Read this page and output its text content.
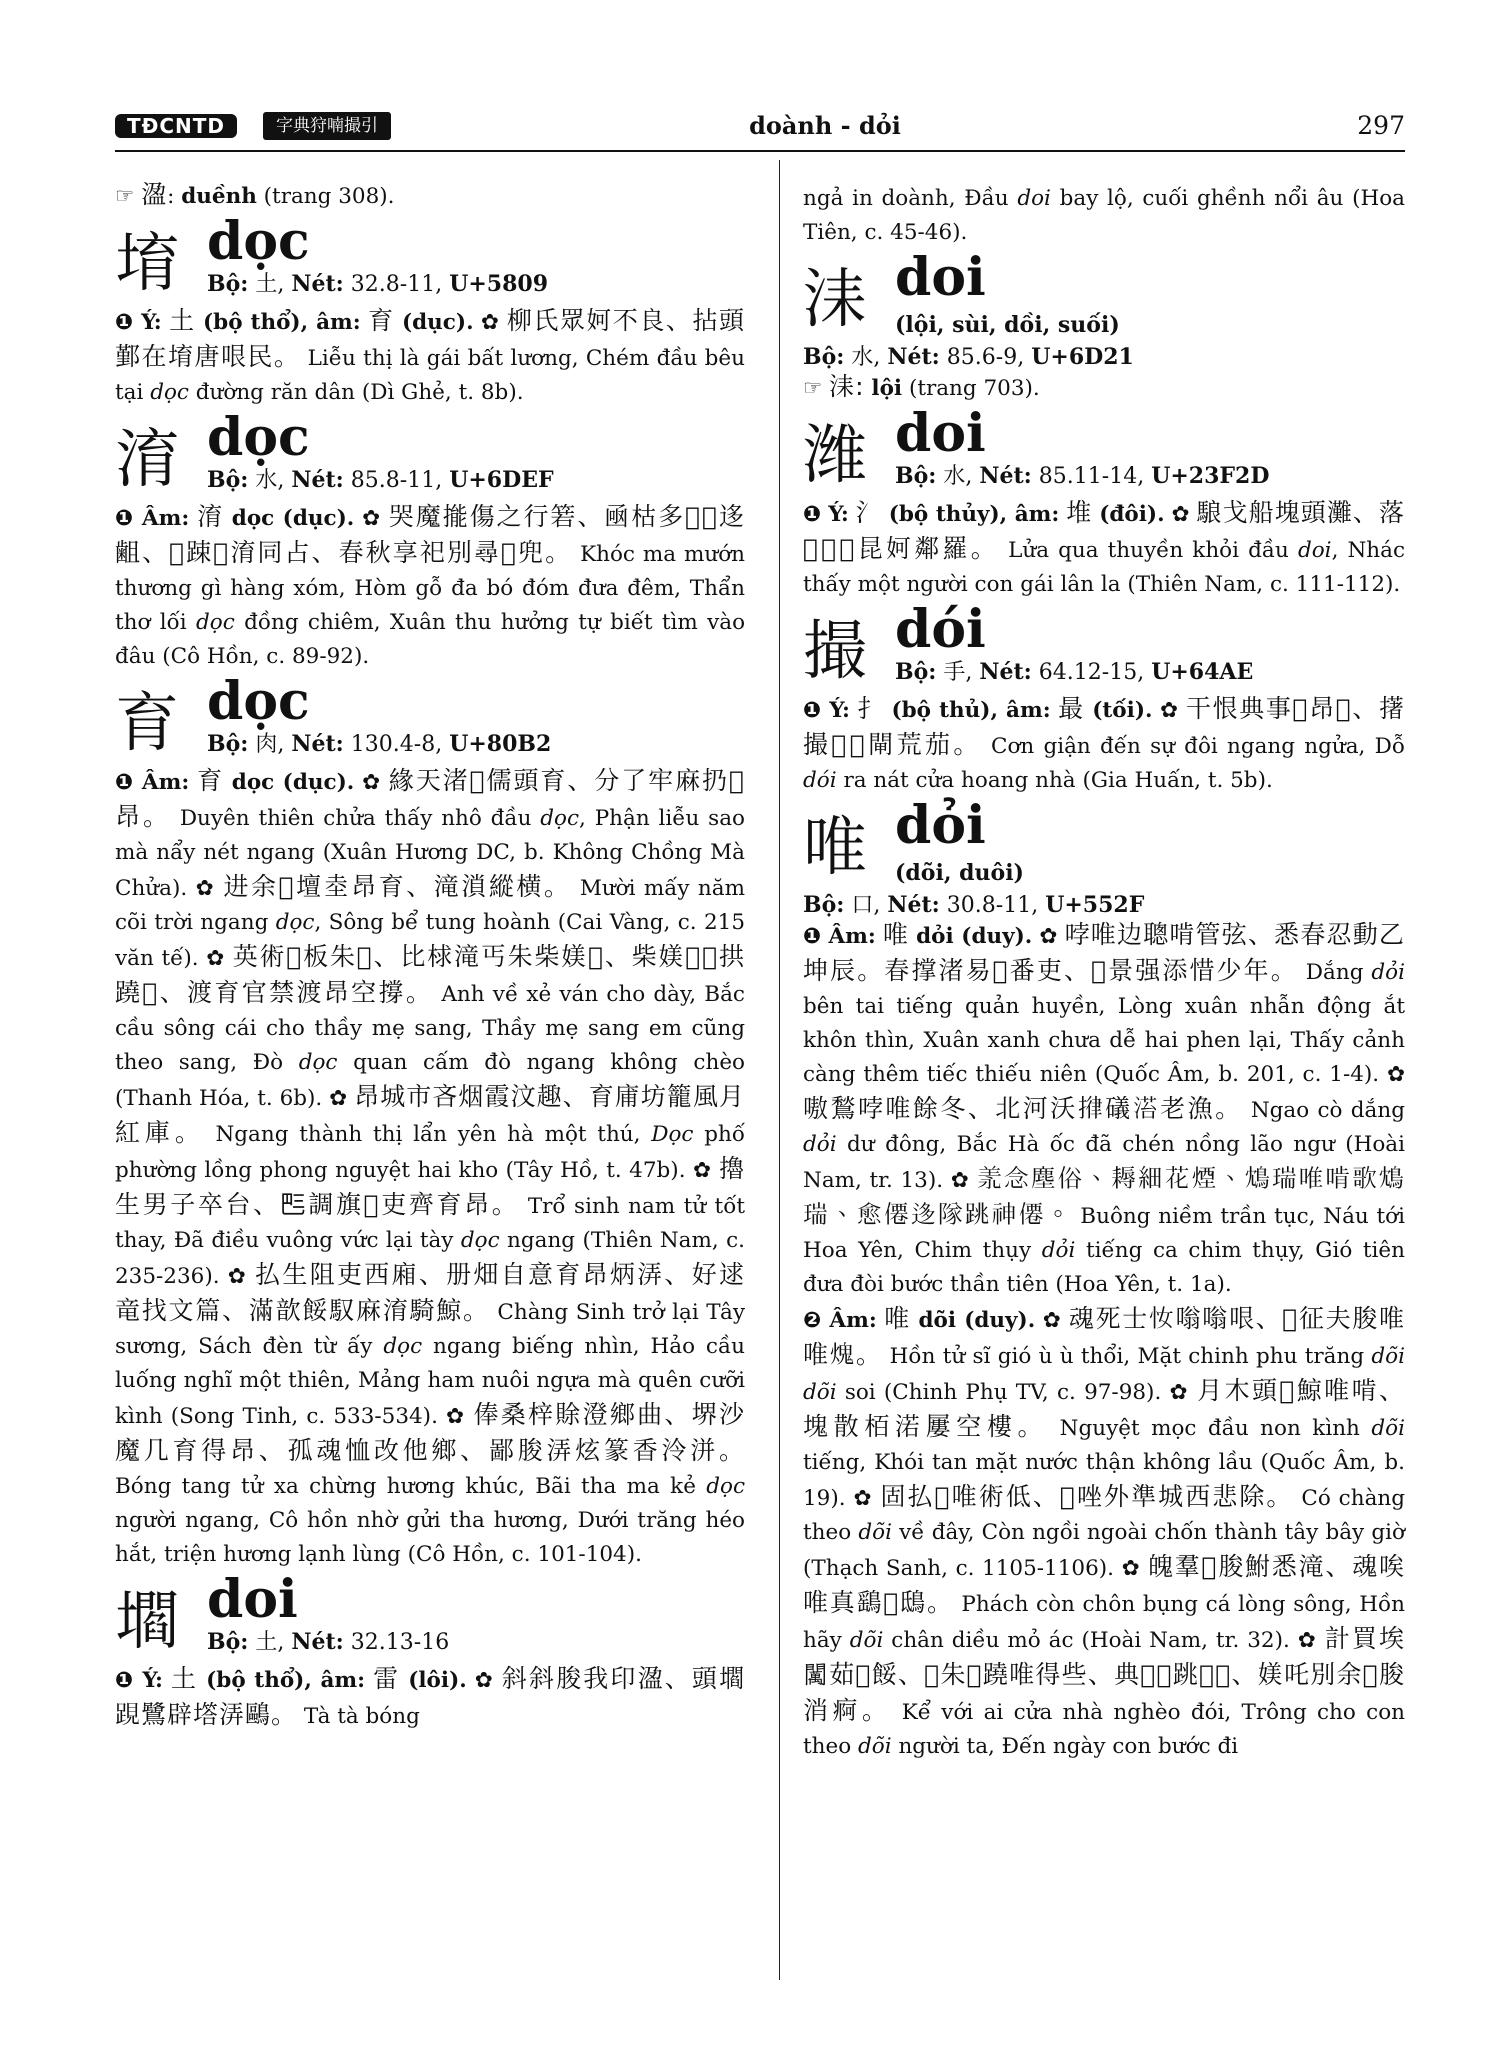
TĐCNTD	字典狩喃撮引	doành - dỏi	297

☞ 溋: duềnh (trang 308).

堉 dọc
Bộ: 土, Nét: 32.8-11, U+5809

❶ Ý: 土 (bộ thổ), âm: 育 (dục). ✿ 柳氏眾妸不良、拈頭鄞在堉唐哏民。 Liễu thị là gái bất lương, Chém đầu bêu tại dọc đường răn dân (Dì Ghẻ, t. 8b).

淯 dọc
Bộ: 水, Nét: 85.8-11, U+6DEF

❶ Âm: 淯 dọc (dục). ✿ 哭魔㨢傷之行箬、凾枯多𢸠𤇮迻𪗱、𠕄踈𨄼淯同占、春秋享祀別尋𩚵兜。 Khóc ma mướn thương gì hàng xóm, Hòm gỗ đa bó đóm đưa đêm, Thẩn thơ lối dọc đồng chiêm, Xuân thu hưởng tự biết tìm vào đâu (Cô Hồn, c. 89-92).

育 dọc
Bộ: 肉, Nét: 130.4-8, U+80B2

❶ Âm: 育 dọc (dục). ✿ 緣天渚𧡊儒頭育、分了牢麻扔𣹓昂。 Duyên thiên chửa thấy nhô đầu dọc, Phận liễu sao mà nẩy nét ngang (Xuân Hương DC, b. Không Chồng Mà Chửa). ✿ 进余𢆥壇坴昂育、滝溑縱横。 Mười mấy năm cõi trời ngang dọc, Sông bể tung hoành (Cai Vàng, c. 215 văn tế). ✿ 英術𨨧板朱𢁑、比梂滝丐朱柴媄𨔈、柴媄𨔈𡢐拱蹺𨔈、渡育官禁渡昂空撐。 Anh về xẻ ván cho dày, Bắc cầu sông cái cho thầy mẹ sang, Thầy mẹ sang em cũng theo sang, Đò dọc quan cấm đò ngang không chèo (Thanh Hóa, t. 6b). ✿ 昂城市吝烟霞汶趣、育庯坊籠風月紅庫。 Ngang thành thị lẩn yên hà một thú, Dọc phố phường lồng phong nguyệt hai kho (Tây Hồ, t. 47b). ✿ 擼生男子卒台、𠀧調旗𢜠吏齊育昂。 Trổ sinh nam tử tốt thay, Đã điều vuông vức lại tày dọc ngang (Thiên Nam, c. 235-236). ✿ 払生阻吏西廂、册畑自意育昂炳㳥、好逑竜找文篇、滿歆餒馭麻淯騎鯨。 Chàng Sinh trở lại Tây sương, Sách đèn từ ấy dọc ngang biếng nhìn, Hảo cầu luống nghĩ một thiên, Mảng ham nuôi ngựa mà quên cưỡi kình (Song Tinh, c. 533-534). ✿ 俸桑梓賖澄鄉曲、堺沙魔几育得昂、孤魂恤改他鄉、鄙朘㳥炫篆香泠洴。 Bóng tang tử xa chừng hương khúc, Bãi tha ma kẻ dọc người ngang, Cô hồn nhờ gửi tha hương, Dưới trăng héo hắt, triện hương lạnh lùng (Cô Hồn, c. 101-104).

壛 doi
Bộ: 土, Nét: 32.13-16

❶ Ý: 土 (bộ thổ), âm: 雷 (lôi). ✿ 斜斜朘我印溋、頭壛𨁍鷺辟㙮㳥鷗。 Tà tà bóng

ngả in doành, Đầu doi bay lộ, cuối ghềnh nổi âu (Hoa Tiên, c. 45-46).

洡 doi
(lội, sùi, dồi, suối)
Bộ: 水, Nét: 85.6-9, U+6D21

☞ 洡: lội (trang 703).

潍 doi
Bộ: 水, Nét: 85.11-14, U+23F2D

❶ Ý: 氵 (bộ thủy), âm: 堆 (đôi). ✿ 駺戈船塊頭灘、落𧡊𠊛𠃣昆妸鄰羅。 Lửa qua thuyền khỏi đầu doi, Nhác thấy một người con gái lân la (Thiên Nam, c. 111-112).

撮 dói
Bộ: 手, Nét: 64.12-15, U+64AE

❶ Ý: 扌 (bộ thủ), âm: 最 (tối). ✿ 干恨典事𦬑昂𪫺、擆撮𪭙𣹓閘荒茄。 Cơn giận đến sự đôi ngang ngửa, Dỗ dói ra nát cửa hoang nhà (Gia Huấn, t. 5b).

唯 dỏi
(dõi, duôi)
Bộ: 口, Nét: 30.8-11, U+552F

❶ Âm: 唯 dỏi (duy). ✿ 哱唯边聰啃管弦、悉春忍動乙坤辰。春撑渚易𧡊番吏、𧡊景强添惜少年。 Dắng dỏi bên tai tiếng quản huyền, Lòng xuân nhẫn động ắt khôn thìn, Xuân xanh chưa dễ hai phen lại, Thấy cảnh càng thêm tiếc thiếu niên (Quốc Âm, b. 201, c. 1-4). ✿ 嗷鶖哱唯餘冬、北河沃𢯰礒𣹓老漁。 Ngao cò dắng dỏi dư đông, Bắc Hà ốc đã chén nồng lão ngư (Hoài Nam, tr. 13). ✿ 𦍛念塵俗、耨細花煙、鴆瑞唯啃歌鴆瑞、愈僊迻隊跳神僊。 Buông niềm trần tục, Náu tới Hoa Yên, Chim thụy dỏi tiếng ca chim thụy, Gió tiên đưa đòi bước thần tiên (Hoa Yên, t. 1a).

❷ Âm: 唯 dõi (duy). ✿ 魂死士𢖵嗡嗡哏、𪠞征夫朘唯唯𤌋。 Hồn tử sĩ gió ù ù thổi, Mặt chinh phu trăng dõi dõi soi (Chinh Phụ TV, c. 97-98). ✿ 月木頭𡽫鯨唯啃、塊散栢渃屢空樓。 Nguyệt mọc đầu non kình dõi tiếng, Khói tan mặt nước thận không lầu (Quốc Âm, b. 19). ✿ 固払𤎕唯術低、𢆥唑外準城西悲除。 Có chàng theo dõi về đây, Còn ngồi ngoài chốn thành tây bây giờ (Thạch Sanh, c. 1105-1106). ✿ 魄羣𡑝朘鮒悉滝、魂唉唯真鷂𩿢鴟。 Phách còn chôn bụng cá lòng sông, Hồn hãy dõi chân diều mỏ ác (Hoài Nam, tr. 32). ✿ 計買埃𨷈茹𩟡餒、𩚵朱𡮈蹺唯得些、典𣈗𡮈跳𧺃𨤔、媄吒別余𩛷朘消痾。 Kể với ai cửa nhà nghèo đói, Trông cho con theo dõi người ta, Đến ngày con bước đi
